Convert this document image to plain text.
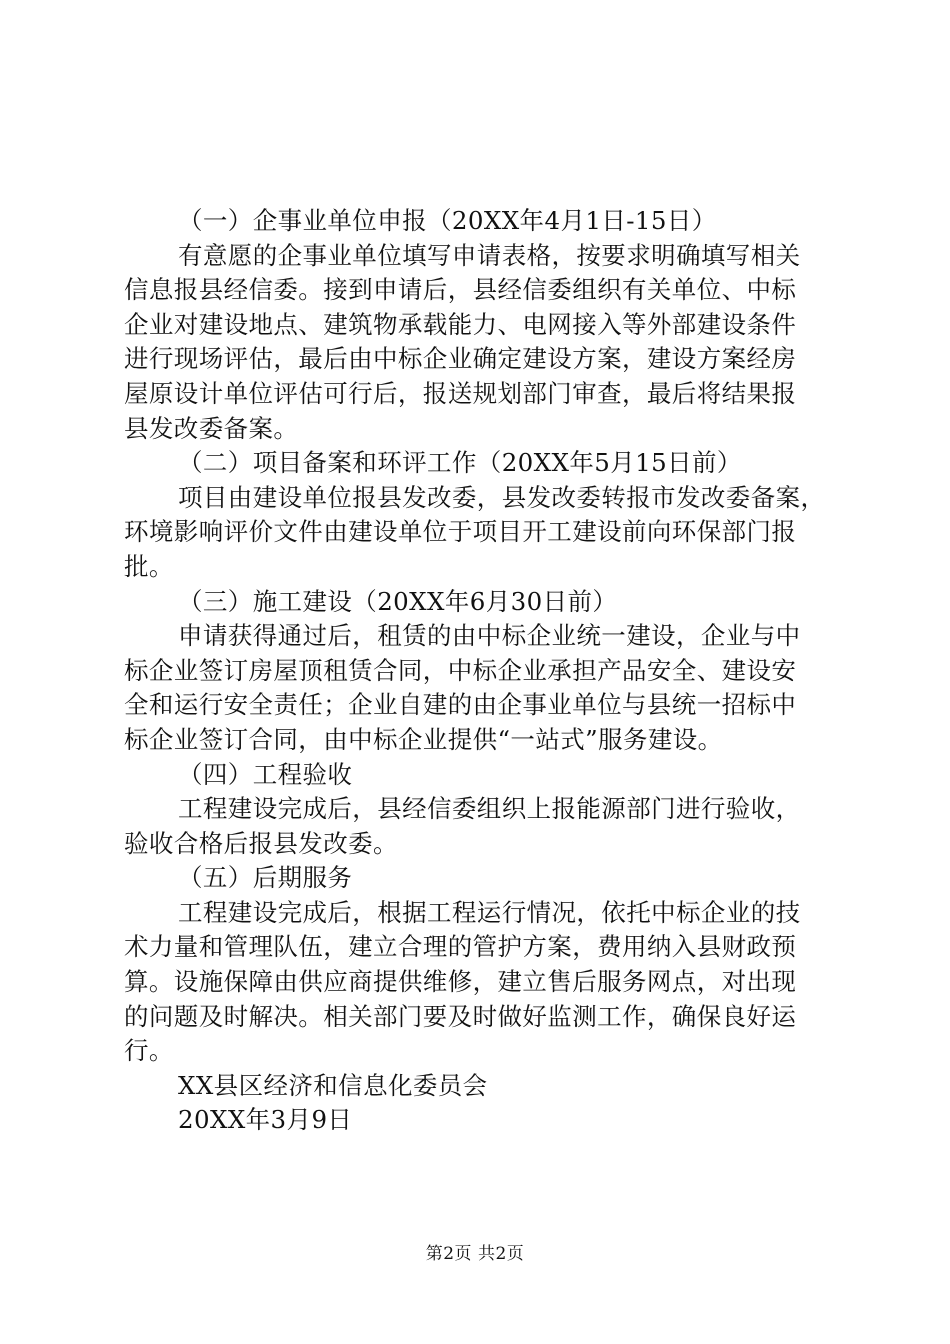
（一）企事业单位申报（20XX年4月1日-15日）
有意愿的企事业单位填写申请表格，按要求明确填写相关
信息报县经信委。接到申请后，县经信委组织有关单位、中标
企业对建设地点、建筑物承载能力、电网接入等外部建设条件
进行现场评估，最后由中标企业确定建设方案，建设方案经房
屋原设计单位评估可行后，报送规划部门审查，最后将结果报
县发改委备案。
（二）项目备案和环评工作（20XX年5月15日前）
项目由建设单位报县发改委，县发改委转报市发改委备案，
环境影响评价文件由建设单位于项目开工建设前向环保部门报
批。
（三）施工建设（20XX年6月30日前）
申请获得通过后，租赁的由中标企业统一建设，企业与中
标企业签订房屋顶租赁合同，中标企业承担产品安全、建设安
全和运行安全责任；企业自建的由企事业单位与县统一招标中
标企业签订合同，由中标企业提供“一站式”服务建设。
（四）工程验收
工程建设完成后，县经信委组织上报能源部门进行验收，
验收合格后报县发改委。
（五）后期服务
工程建设完成后，根据工程运行情况，依托中标企业的技
术力量和管理队伍，建立合理的管护方案，费用纳入县财政预
算。设施保障由供应商提供维修，建立售后服务网点，对出现
的问题及时解决。相关部门要及时做好监测工作，确保良好运
行。
XX县区经济和信息化委员会
20XX年3月9日
第2页 共2页
